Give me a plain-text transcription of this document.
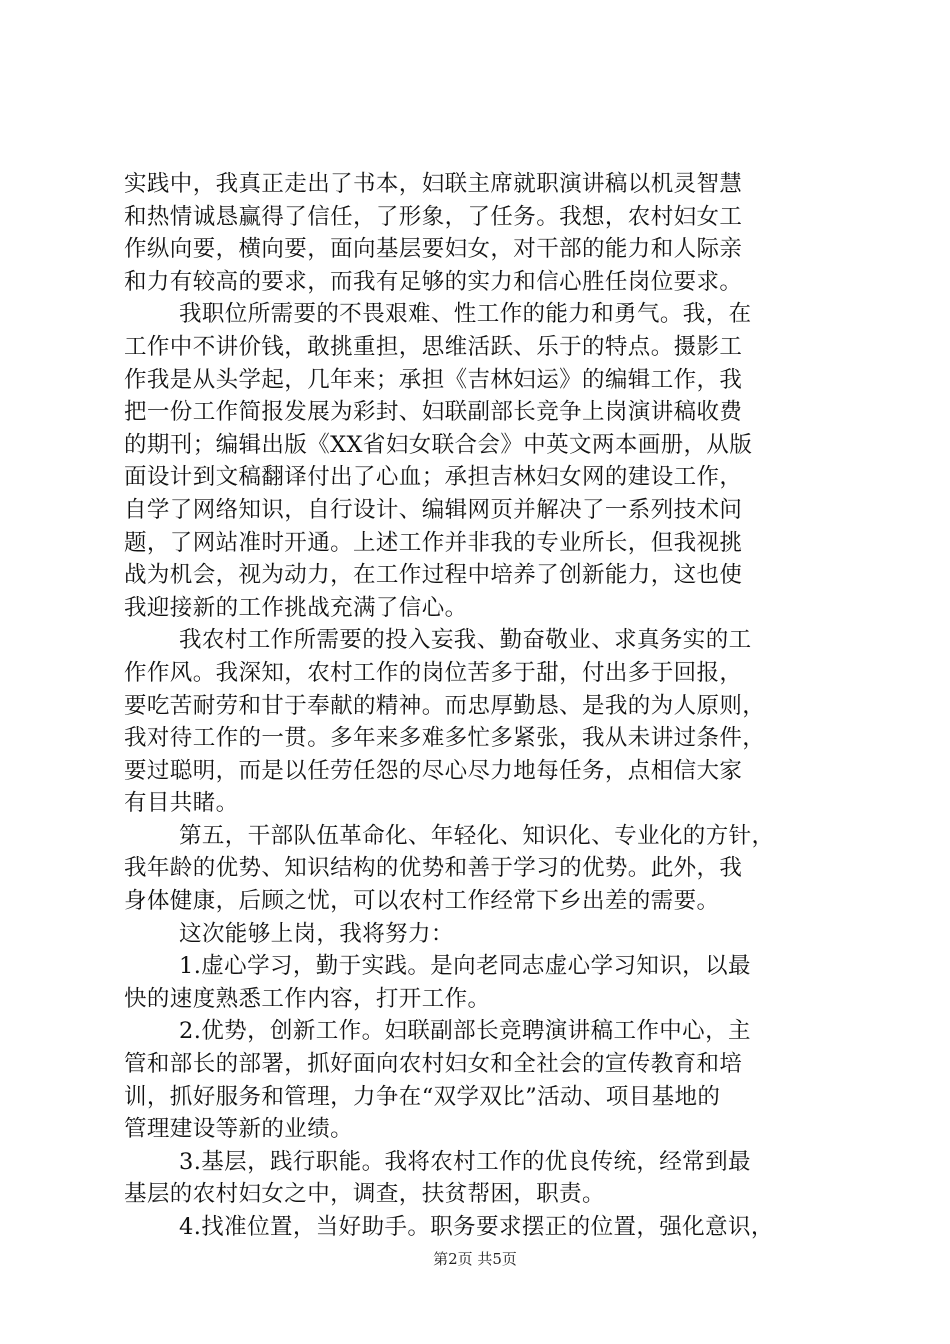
实践中，我真正走出了书本，妇联主席就职演讲稿以机灵智慧
和热情诚恳赢得了信任，了形象，了任务。我想，农村妇女工
作纵向要，横向要，面向基层要妇女，对干部的能力和人际亲
和力有较高的要求，而我有足够的实力和信心胜任岗位要求。
我职位所需要的不畏艰难、性工作的能力和勇气。我，在
工作中不讲价钱，敢挑重担，思维活跃、乐于的特点。摄影工
作我是从头学起，几年来；承担《吉林妇运》的编辑工作，我
把一份工作简报发展为彩封、妇联副部长竞争上岗演讲稿收费
的期刊；编辑出版《XX省妇女联合会》中英文两本画册，从版
面设计到文稿翻译付出了心血；承担吉林妇女网的建设工作，
自学了网络知识，自行设计、编辑网页并解决了一系列技术问
题，了网站准时开通。上述工作并非我的专业所长，但我视挑
战为机会，视为动力，在工作过程中培养了创新能力，这也使
我迎接新的工作挑战充满了信心。
我农村工作所需要的投入妄我、勤奋敬业、求真务实的工
作作风。我深知，农村工作的岗位苦多于甜，付出多于回报，
要吃苦耐劳和甘于奉献的精神。而忠厚勤恳、是我的为人原则，
我对待工作的一贯。多年来多难多忙多紧张，我从未讲过条件，
要过聪明，而是以任劳任怨的尽心尽力地每任务，点相信大家
有目共睹。
第五，干部队伍革命化、年轻化、知识化、专业化的方针，
我年龄的优势、知识结构的优势和善于学习的优势。此外，我
身体健康，后顾之忧，可以农村工作经常下乡出差的需要。
这次能够上岗，我将努力：
1.虚心学习，勤于实践。是向老同志虚心学习知识，以最
快的速度熟悉工作内容，打开工作。
2.优势，创新工作。妇联副部长竞聘演讲稿工作中心，主
管和部长的部署，抓好面向农村妇女和全社会的宣传教育和培
训，抓好服务和管理，力争在“双学双比”活动、项目基地的
管理建设等新的业绩。
3.基层，践行职能。我将农村工作的优良传统，经常到最
基层的农村妇女之中，调查，扶贫帮困，职责。
4.找准位置，当好助手。职务要求摆正的位置，强化意识，
第2页 共5页
